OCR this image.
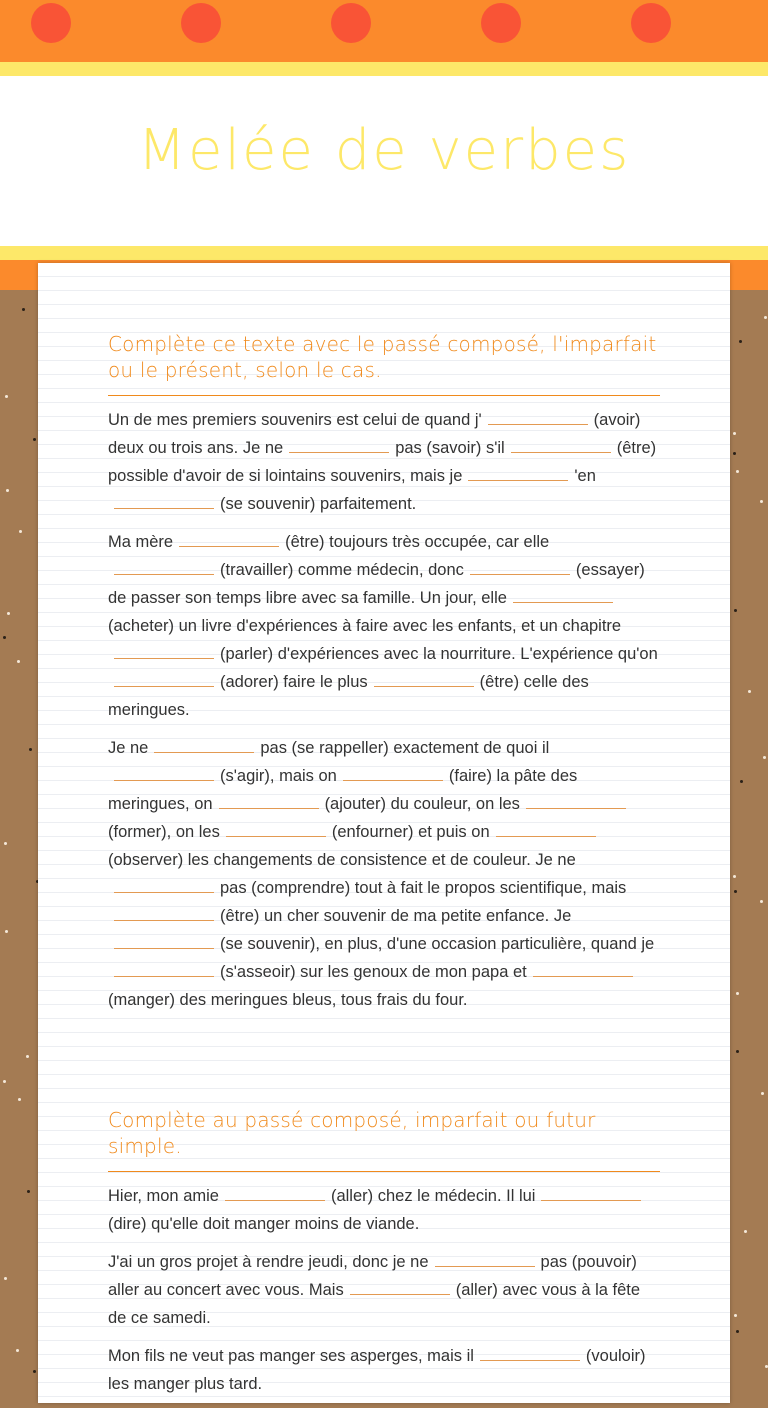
Melée de verbes
Complète ce texte avec le passé composé, l'imparfait ou le présent, selon le cas.

Un de mes premiers souvenirs est celui de quand j'	(avoir) deux ou trois ans. Je ne	pas (savoir) s'il	(être) possible d'avoir de si lointains souvenirs, mais je	'en(se souvenir) parfaitement.

Ma mère	(être) toujours très occupée, car elle(travailler) comme médecin, donc	(essayer) de passer son temps libre avec sa famille. Un jour, elle(acheter) un livre d'expériences à faire avec les enfants, et un chapitre(parler) d'expériences avec la nourriture. L'expérience qu'on(adorer) faire le plus	(être) celle des meringues.

Je ne	pas (se rappeller) exactement de quoi il(s'agir), mais on	(faire) la pâte des meringues, on	(ajouter) du couleur, on les(former), on les	(enfourner) et puis on(observer) les changements de consistence et de couleur. Je nepas (comprendre) tout à fait le propos scientifique, mais(être) un cher souvenir de ma petite enfance. Je(se souvenir), en plus, d'une occasion particulière, quand je(s'asseoir) sur les genoux de mon papa et(manger) des meringues bleus, tous frais du four.

Complète au passé composé, imparfait ou futur simple.

Hier, mon amie	(aller) chez le médecin. Il lui(dire) qu'elle doit manger moins de viande.

J'ai un gros projet à rendre jeudi, donc je ne	pas (pouvoir) aller au concert avec vous. Mais	(aller) avec vous à la fête de ce samedi.

Mon fils ne veut pas manger ses asperges, mais il	(vouloir) les manger plus tard.
